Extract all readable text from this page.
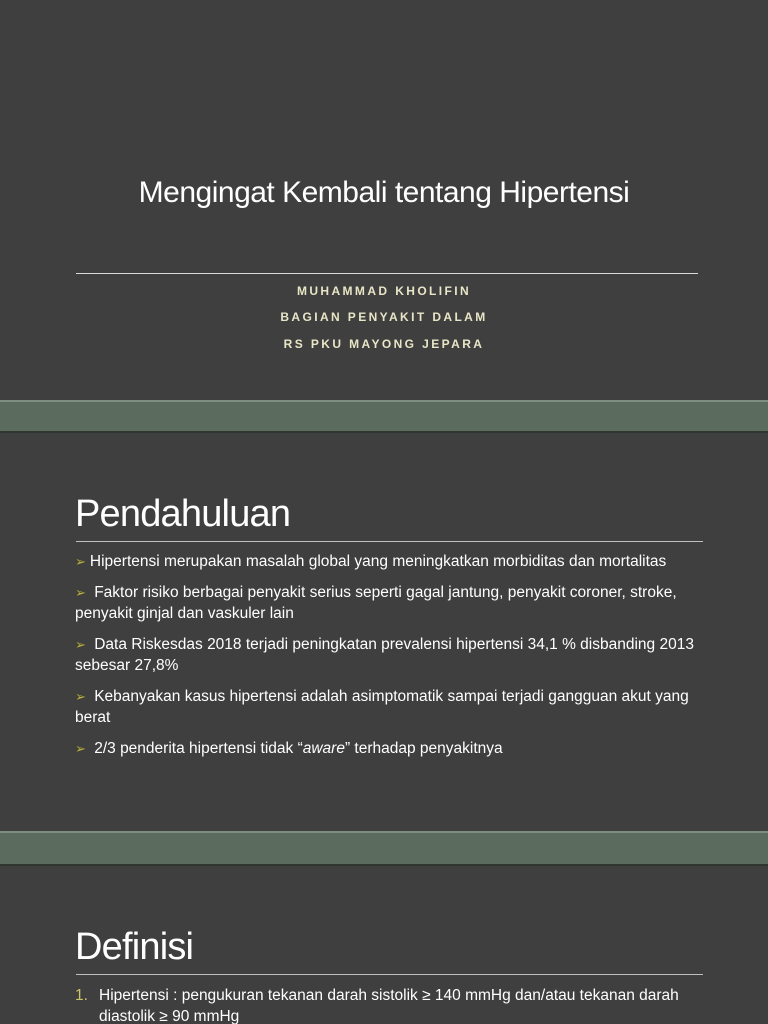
Mengingat Kembali tentang Hipertensi
MUHAMMAD KHOLIFIN
BAGIAN PENYAKIT DALAM
RS PKU MAYONG JEPARA
Pendahuluan
➢ Hipertensi merupakan masalah global yang meningkatkan morbiditas dan mortalitas
➢ Faktor risiko berbagai penyakit serius seperti gagal jantung, penyakit coroner, stroke, penyakit ginjal dan vaskuler lain
➢ Data Riskesdas 2018 terjadi peningkatan prevalensi hipertensi 34,1 % disbanding 2013 sebesar 27,8%
➢ Kebanyakan kasus hipertensi adalah asimptomatik sampai terjadi gangguan akut yang berat
➢ 2/3 penderita hipertensi tidak “aware” terhadap penyakitnya
Definisi
1. Hipertensi : pengukuran tekanan darah sistolik ≥ 140 mmHg dan/atau tekanan darah diastolik ≥ 90 mmHg
